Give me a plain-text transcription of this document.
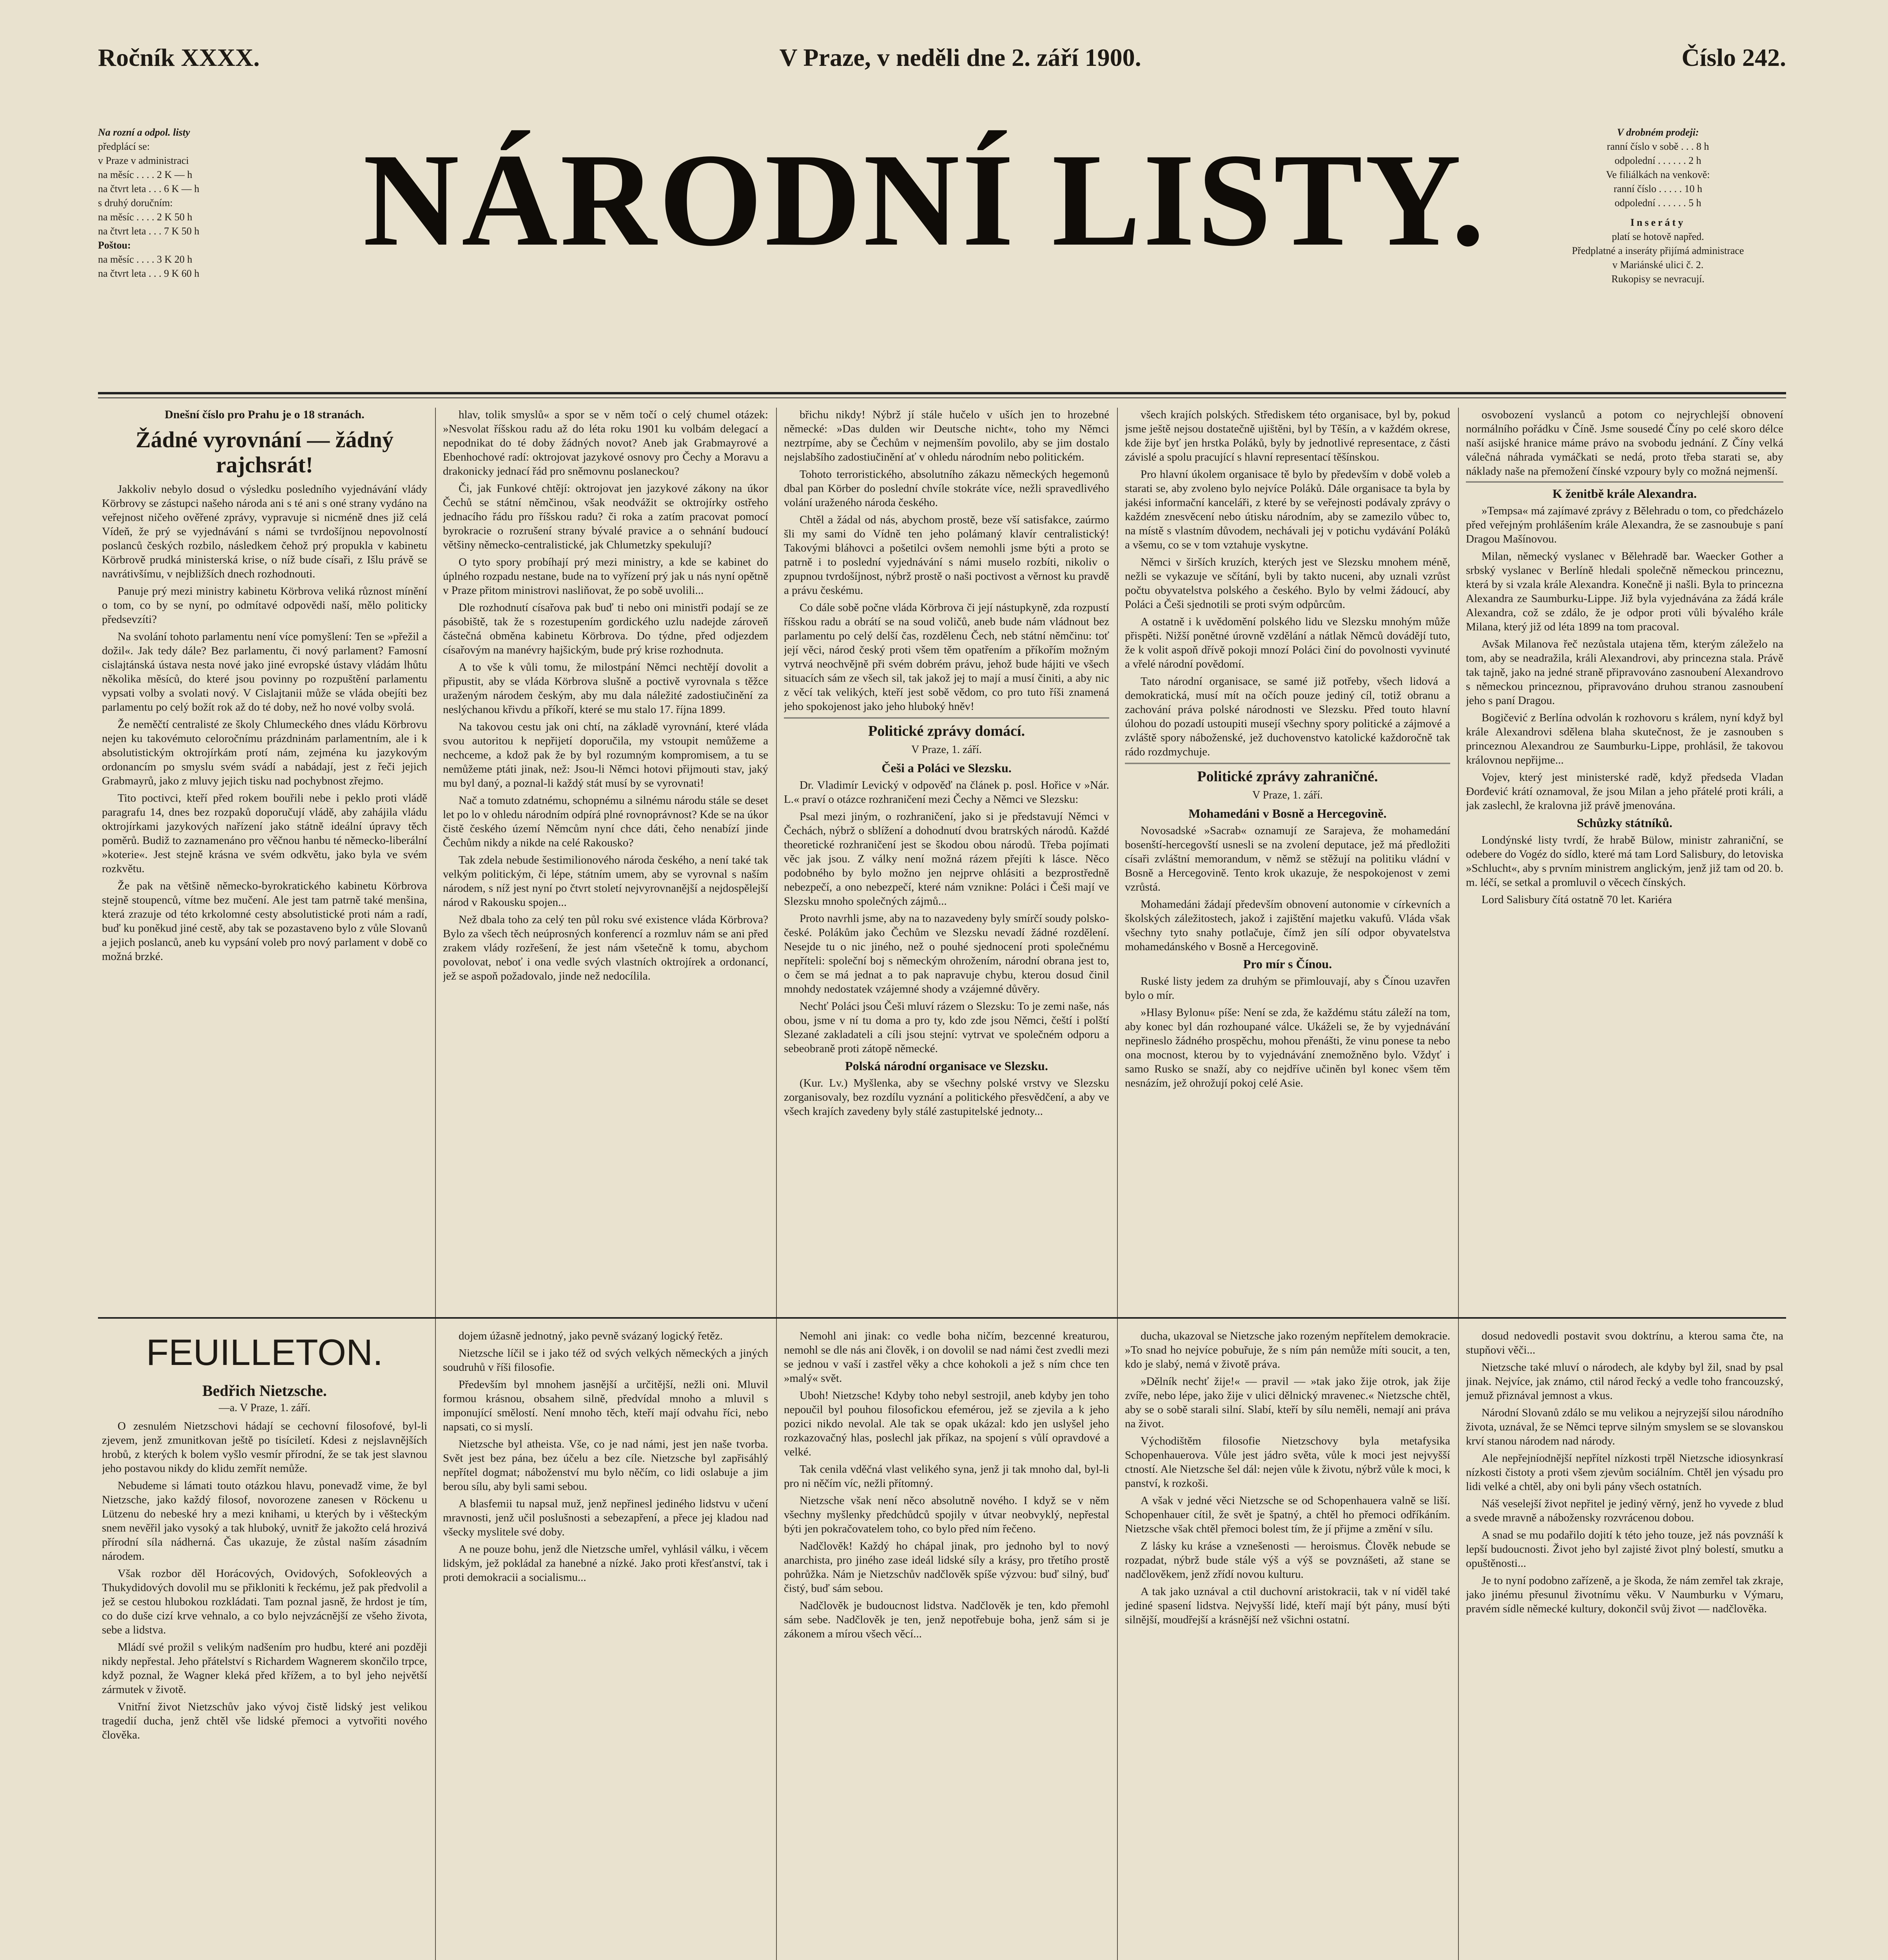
Ročník XXXX.	V Praze, v neděli dne 2. září 1900.	Číslo 242.
Na rozní a odpol. listy
předplácí se:
v Praze v administraci
na měsíc . . . . 2 K — h
na čtvrt leta . . . 6 K — h
s druhý doručním:
na měsíc . . . . 2 K 50 h
na čtvrt leta . . . 7 K 50 h
Poštou:
na měsíc . . . . 3 K 20 h
na čtvrt leta . . . 9 K 60 h	NÁRODNÍ LISTY.	V drobném prodeji:
ranní číslo v sobě . . . 8 h
odpolední . . . . . . 2 h
Ve filiálkách na venkově:
ranní číslo . . . . . 10 h
odpolední . . . . . . 5 h
Inseráty
platí se hotově napřed.
Předplatné a inseráty přijímá administrace
v Mariánské ulici č. 2.
Rukopisy se nevracují.
Dnešní číslo pro Prahu je o 18 stranách.
Žádné vyrovnání — žádný rajchsrát!

Jakkoliv nebylo dosud o výsledku posledního vyjednávání vlády Körbrovy se zástupci našeho národa ani s té ani s oné strany vydáno na veřejnost ničeho ověřené zprávy, vypravuje si nicméně dnes již celá Vídeň, že prý se vyjednávání s námi se tvrdošíjnou nepovolností poslanců českých rozbilo, následkem čehož prý propukla v kabinetu Körbrově prudká ministerská krise, o níž bude císaři, z Išlu právě se navrátivšímu, v nejbližších dnech rozhodnouti.

Panuje prý mezi ministry kabinetu Körbrova veliká různost mínění o tom, co by se nyní, po odmítavé odpovědi naší, mělo politicky předsevzíti?

Na svolání tohoto parlamentu není více pomyšlení: Ten se »přežil a dožil«. Jak tedy dále? Bez parlamentu, či nový parlament? Famosní cislajtánská ústava nesta nové jako jiné evropské ústavy vládám lhůtu několika měsíců, do které jsou povinny po rozpuštění parlamentu vypsati volby a svolati nový. V Cislajtanii může se vláda obejíti bez parlamentu po celý božít rok až do té doby, než ho nové volby svolá.

Že neměčtí centralisté ze školy Chlumeckého dnes vládu Körbrovu nejen ku takovémuto celoročnímu prázdninám parlamentním, ale i k absolutistickým oktrojírkám protí nám, zejména ku jazykovým ordonancím po smyslu svém svádí a nabádají, jest z řeči jejich Grabmayrů, jako z mluvy jejich tisku nad pochybnost zřejmo.

Tito poctivci, kteří před rokem bouřili nebe i peklo proti vládě paragrafu 14, dnes bez rozpaků doporučují vládě, aby zahájila vládu oktrojírkami jazykových nařízení jako státně ideální úpravy těch poměrů. Budiž to zaznamenáno pro věčnou hanbu té německo-liberální »koterie«. Jest stejně krásna ve svém odkvětu, jako byla ve svém rozkvětu.

Že pak na většině německo-byrokratického kabinetu Körbrova stejně stoupenců, vítme bez mučení. Ale jest tam patrně také menšina, která zrazuje od této krkolomné cesty absolutistické proti nám a radí, buď ku poněkud jiné cestě, aby tak se pozastaveno bylo z vůle Slovanů a jejich poslanců, aneb ku vypsání voleb pro nový parlament v době co možná brzké.

hlav, tolik smyslů« a spor se v něm točí o celý chumel otázek: »Nesvolat říšskou radu až do léta roku 1901 ku volbám delegací a nepodnikat do té doby žádných novot? Aneb jak Grabmayrové a Ebenhochové radí: oktrojovat jazykové osnovy pro Čechy a Moravu a drakonicky jednací řád pro sněmovnu poslaneckou?

Či, jak Funkové chtějí: oktrojovat jen jazykové zákony na úkor Čechů se státní němčinou, však neodvážit se oktrojírky ostřeho jednacího řádu pro říšskou radu? či roka a zatím pracovat pomocí byrokracie o rozrušení strany bývalé pravice a o sehnání budoucí většiny německo-centralistické, jak Chlumetzky spekulují?

O tyto spory probíhají prý mezi ministry, a kde se kabinet do úplného rozpadu nestane, bude na to vyřízení prý jak u nás nyní opětně v Praze přitom ministrovi nasliňovat, že po sobě uvolili...

Dle rozhodnutí císařova pak buď ti nebo oni ministři podají se ze pásobiště, tak že s rozestupením gordického uzlu nadejde zároveň částečná obměna kabinetu Körbrova. Do týdne, před odjezdem císařovým na manévry hajšickým, bude prý krise rozhodnuta.

A to vše k vůli tomu, že milostpání Němci nechtějí dovolit a připustit, aby se vláda Körbrova slušně a poctivě vyrovnala s těžce uraženým národem českým, aby mu dala náležité zadostiučinění za neslýchanou křivdu a příkoří, které se mu stalo 17. října 1899.

Na takovou cestu jak oni chtí, na základě vyrovnání, které vláda svou autoritou k nepřijetí doporučila, my vstoupit nemůžeme a nechceme, a kdož pak že by byl rozumným kompromisem, a tu se nemůžeme ptáti jinak, než: Jsou-li Němci hotovi přijmouti stav, jaký mu byl daný, a poznal-li každý stát musí by se vyrovnati!

Nač a tomuto zdatnému, schopnému a silnému národu stále se deset let po lo v ohledu národním odpírá plné rovnoprávnost? Kde se na úkor čistě českého území Němcům nyní chce dáti, čeho nenabízí jinde Čechům nikdy a nikde na celé Rakousko?

Tak zdela nebude šestimilionového národa českého, a není také tak velkým politickým, či lépe, státním umem, aby se vyrovnal s naším národem, s níž jest nyní po čtvrt století nejvyrovnanější a nejdospělejší národ v Rakousku spojen...

Než dbala toho za celý ten půl roku své existence vláda Körbrova? Bylo za všech těch neúprosných konferencí a rozmluv nám se ani před zrakem vlády rozřešení, že jest nám všetečně k tomu, abychom povolovat, neboť i ona vedle svých vlastních oktrojírek a ordonancí, jež se aspoň požadovalo, jinde než nedocílila.

břichu nikdy! Nýbrž jí stále hučelo v uších jen to hrozebné německé: »Das dulden wir Deutsche nicht«, toho my Němci neztrpíme, aby se Čechům v nejmenším povolilo, aby se jim dostalo nejslabšího zadostiučinění ať v ohledu národním nebo politickém.

Tohoto terroristického, absolutního zákazu německých hegemonů dbal pan Körber do poslední chvíle stokráte více, nežli spravedlivého volání uraženého národa českého.

Chtěl a žádal od nás, abychom prostě, beze vší satisfakce, zaúrmo šli my sami do Vídně ten jeho polámaný klavír centralistický! Takovými bláhovci a pošetilci ovšem nemohli jsme býti a proto se patrně i to poslední vyjednávání s námi muselo rozbíti, nikoliv o zpupnou tvrdošíjnost, nýbrž prostě o naši poctivost a věrnost ku pravdě a právu českému.

Co dále sobě počne vláda Körbrova či její nástupkyně, zda rozpustí říšskou radu a obrátí se na soud voličů, aneb bude nám vládnout bez parlamentu po celý delší čas, rozdělenu Čech, neb státní němčinu: toť její věci, národ český proti všem těm opatřením a příkořím možným vytrvá neochvějně při svém dobrém právu, jehož bude hájiti ve všech situacích sám ze všech sil, tak jakož jej to mají a musí činiti, a aby nic z věcí tak velikých, kteří jest sobě vědom, co pro tuto říši znamená jeho spokojenost jako jeho hluboký hněv!

Politické zprávy domácí.
V Praze, 1. září.
Češi a Poláci ve Slezsku.

Dr. Vladimír Levický v odpověď na článek p. posl. Hořice v »Nár. L.« praví o otázce rozhraničení mezi Čechy a Němci ve Slezsku:

Psal mezi jiným, o rozhraničení, jako si je představují Němci v Čechách, nýbrž o sblížení a dohodnutí dvou bratrských národů. Každé theoretické rozhraničení jest se škodou obou národů. Třeba pojímati věc jak jsou. Z války není možná rázem přejíti k lásce. Něco podobného by bylo možno jen nejprve ohlásiti a bezprostředně nebezpečí, a ono nebezpečí, které nám vznikne: Poláci i Češi mají ve Slezsku mnoho společných zájmů...

Proto navrhli jsme, aby na to nazavedeny byly smírčí soudy polsko-české. Polákům jako Čechům ve Slezsku nevadí žádné rozdělení. Nesejde tu o nic jiného, než o pouhé sjednocení proti společnému nepříteli: společní boj s německým ohrožením, národní obrana jest to, o čem se má jednat a to pak napravuje chybu, kterou dosud činil mnohdy nedostatek vzájemné shody a vzájemné důvěry.

Nechť Poláci jsou Češi mluví rázem o Slezsku: To je zemi naše, nás obou, jsme v ní tu doma a pro ty, kdo zde jsou Němci, čeští i polští Slezané zakladateli a cíli jsou stejní: vytrvat ve společném odporu a sebeobraně proti zátopě německé.

Polská národní organisace ve Slezsku.

(Kur. Lv.) Myšlenka, aby se všechny polské vrstvy ve Slezsku zorganisovaly, bez rozdílu vyznání a politického přesvědčení, a aby ve všech krajích zavedeny byly stálé zastupitelské jednoty...

všech krajích polských. Střediskem této organisace, byl by, pokud jsme ještě nejsou dostatečně ujištěni, byl by Těšín, a v každém okrese, kde žije byť jen hrstka Poláků, byly by jednotlivé representace, z části závislé a spolu pracující s hlavní representací těšínskou.

Pro hlavní úkolem organisace tě bylo by především v době voleb a starati se, aby zvoleno bylo nejvíce Poláků. Dále organisace ta byla by jakési informační kanceláři, z které by se veřejnosti podávaly zprávy o každém znesvěcení nebo útisku národním, aby se zamezilo vůbec to, na místě s vlastním důvodem, nechávali jej v potichu vydávání Poláků a všemu, co se v tom vztahuje vyskytne.

Němci v širších kruzích, kterých jest ve Slezsku mnohem méně, nežli se vykazuje ve sčítání, byli by takto nuceni, aby uznali vzrůst počtu obyvatelstva polského a českého. Bylo by velmi žádoucí, aby Poláci a Češi sjednotili se proti svým odpůrcům.

A ostatně i k uvědomění polského lidu ve Slezsku mnohým může přispěti. Nižší ponětné úrovně vzdělání a nátlak Němců dovádějí tuto, že k volit aspoň dřívě pokoji mnozí Poláci činí do povolnosti vyvinuté a vřelé národní povědomí.

Tato národní organisace, se samé již potřeby, všech lidová a demokratická, musí mít na očích pouze jediný cíl, totiž obranu a zachování práva polské národnosti ve Slezsku. Před touto hlavní úlohou do pozadí ustoupiti musejí všechny spory politické a zájmové a zvláště spory náboženské, jež duchovenstvo katolické každoročně tak rádo rozdmychuje.

Politické zprávy zahraničné.
V Praze, 1. září.
Mohamedáni v Bosně a Hercegovině.

Novosadské »Sacrab« oznamují ze Sarajeva, že mohamedání bosenští-hercegovští usnesli se na zvolení deputace, jež má předložiti císaři zvláštní memorandum, v němž se stěžují na politiku vládní v Bosně a Hercegovině. Tento krok ukazuje, že nespokojenost v zemi vzrůstá.

Mohamedáni žádají především obnovení autonomie v církevních a školských záležitostech, jakož i zajištění majetku vakufů. Vláda však všechny tyto snahy potlačuje, čímž jen sílí odpor obyvatelstva mohamedánského v Bosně a Hercegovině.

Pro mír s Čínou.

Ruské listy jedem za druhým se přimlouvají, aby s Čínou uzavřen bylo o mír.

»Hlasy Bylonu« píše: Není se zda, že každému státu záleží na tom, aby konec byl dán rozhoupané válce. Ukáželi se, že by vyjednávání nepřineslo žádného prospěchu, mohou přenášti, že vinu ponese ta nebo ona mocnost, kterou by to vyjednávání znemožněno bylo. Vždyť i samo Rusko se snaží, aby co nejdříve učiněn byl konec všem těm nesnázím, jež ohrožují pokoj celé Asie.

osvobození vyslanců a potom co nejrychlejší obnovení normálního pořádku v Číně. Jsme sousedé Číny po celé skoro délce naší asijské hranice máme právo na svobodu jednání. Z Číny velká válečná náhrada vymáčkati se nedá, proto třeba starati se, aby náklady naše na přemožení čínské vzpoury byly co možná nejmenší.

K ženitbě krále Alexandra.

»Tempsa« má zajímavé zprávy z Bělehradu o tom, co předcházelo před veřejným prohlášením krále Alexandra, že se zasnoubuje s paní Dragou Mašínovou.

Milan, německý vyslanec v Bělehradě bar. Waecker Gother a srbský vyslanec v Berlíně hledali společně německou princeznu, která by si vzala krále Alexandra. Konečně ji našli. Byla to princezna Alexandra ze Saumburku-Lippe. Již byla vyjednávána za žádá krále Alexandra, což se zdálo, že je odpor proti vůli bývalého krále Milana, který již od léta 1899 na tom pracoval.

Avšak Milanova řeč nezůstala utajena těm, kterým záleželo na tom, aby se neadražila, králi Alexandrovi, aby princezna stala. Právě tak tajně, jako na jedné straně připravováno zasnoubení Alexandrovo s německou princeznou, připravováno druhou stranou zasnoubení jeho s paní Dragou.

Bogičević z Berlína odvolán k rozhovoru s králem, nyní když byl krále Alexandrovi sdělena blaha skutečnost, že je zasnouben s princeznou Alexandrou ze Saumburku-Lippe, prohlásil, že takovou královnou nepřijme...

Vojev, který jest ministerské radě, když předseda Vladan Đorđević krátí oznamoval, že jsou Milan a jeho přátelé proti králi, a jak zaslechl, že kralovna již právě jmenována.

Schůzky státníků.

Londýnské listy tvrdí, že hrabě Bülow, ministr zahraniční, se odebere do Vogéz do sídlo, které má tam Lord Salisbury, do letoviska »Schlucht«, aby s prvním ministrem anglickým, jenž již tam od 20. b. m. léčí, se setkal a promluvil o věcech čínských.

Lord Salisbury čítá ostatně 70 let. Kariéra

FEUILLETON.
Bedřich Nietzsche.
—a. V Praze, 1. září.

O zesnulém Nietzschovi hádají se cechovní filosofové, byl-li zjevem, jenž zmunitkovan ještě po tisíciletí. Kdesi z nejslavnějších hrobů, z kterých k bolem vyšlo vesmír přírodní, že se tak jest slavnou jeho postavou nikdy do klidu zemřít nemůže.

Nebudeme si lámati touto otázkou hlavu, ponevadž vime, že byl Nietzsche, jako každý filosof, novorozene zanesen v Röckenu u Lützenu do nebeské hry a mezi knihami, u kterých by i věšteckým snem nevěřil jako vysoký a tak hluboký, uvnitř že jakožto celá hrozivá přírodní síla nádherná. Čas ukazuje, že zůstal naším zásadním národem.

Však rozbor děl Horácových, Ovidových, Sofokleových a Thukydidových dovolil mu se přikloniti k řeckému, jež pak předvolil a jež se cestou hlubokou rozkládati. Tam poznal jasně, že hrdost je tím, co do duše cizí krve vehnalo, a co bylo nejvzácnější ze všeho života, sebe a lidstva.

Mládí své prožil s velikým nadšením pro hudbu, které ani později nikdy nepřestal. Jeho přátelství s Richardem Wagnerem skončilo trpce, když poznal, že Wagner kleká před křížem, a to byl jeho největší zármutek v životě.

Vnitřní život Nietzschův jako vývoj čistě lidský jest velikou tragedií ducha, jenž chtěl vše lidské přemoci a vytvořiti nového člověka.

dojem úžasně jednotný, jako pevně svázaný logický řetěz.

Nietzsche líčil se i jako též od svých velkých německých a jiných soudruhů v říši filosofie.

Především byl mnohem jasnější a určitější, nežli oni. Mluvil formou krásnou, obsahem silně, předvídal mnoho a mluvil s imponující smělostí. Není mnoho těch, kteří mají odvahu říci, nebo napsati, co si myslí.

Nietzsche byl atheista. Vše, co je nad námi, jest jen naše tvorba. Svět jest bez pána, bez účelu a bez cíle. Nietzsche byl zapřisáhlý nepřítel dogmat; náboženství mu bylo něčím, co lidi oslabuje a jim berou sílu, aby byli sami sebou.

A blasfemii tu napsal muž, jenž nepřinesl jediného lidstvu v učení mravnosti, jenž učil poslušnosti a sebezapření, a přece jej kladou nad všecky myslitele své doby.

A ne pouze bohu, jenž dle Nietzsche umřel, vyhlásil válku, i věcem lidským, jež pokládal za hanebné a nízké. Jako proti křesťanství, tak i proti demokracii a socialismu...

Nemohl ani jinak: co vedle boha ničím, bezcenné kreaturou, nemohl se dle nás ani člověk, i on dovolil se nad námi čest zvedli mezi se jednou v vaší i zastřel věky a chce kohokoli a jež s ním chce ten »malý« svět.

Uboh! Nietzsche! Kdyby toho nebyl sestrojil, aneb kdyby jen toho nepoučil byl pouhou filosofickou efemérou, jež se zjevila a k jeho pozici nikdo nevolal. Ale tak se opak ukázal: kdo jen uslyšel jeho rozkazovačný hlas, poslechl jak příkaz, na spojení s vůlí opravdové a velké.

Tak cenila vděčná vlast velikého syna, jenž ji tak mnoho dal, byl-li pro ni něčím víc, nežli přítomný.

Nietzsche však není něco absolutně nového. I když se v něm všechny myšlenky předchůdců spojily v útvar neobvyklý, nepřestal býti jen pokračovatelem toho, co bylo před ním řečeno.

Nadčlověk! Každý ho chápal jinak, pro jednoho byl to nový anarchista, pro jiného zase ideál lidské síly a krásy, pro třetího prostě pohrůžka. Nám je Nietzschův nadčlověk spíše výzvou: buď silný, buď čistý, buď sám sebou.

Nadčlověk je budoucnost lidstva. Nadčlověk je ten, kdo přemohl sám sebe. Nadčlověk je ten, jenž nepotřebuje boha, jenž sám si je zákonem a mírou všech věcí...

ducha, ukazoval se Nietzsche jako rozeným nepřítelem demokracie. »To snad ho nejvíce pobuřuje, že s ním pán nemůže míti soucit, a ten, kdo je slabý, nemá v životě práva.

»Dělník nechť žije!« — pravil — »tak jako žije otrok, jak žije zvíře, nebo lépe, jako žije v ulici dělnický mravenec.« Nietzsche chtěl, aby se o sobě starali silní. Slabí, kteří by sílu neměli, nemají ani práva na život.

Východištěm filosofie Nietzschovy byla metafysika Schopenhauerova. Vůle jest jádro světa, vůle k moci jest nejvyšší ctností. Ale Nietzsche šel dál: nejen vůle k životu, nýbrž vůle k moci, k panství, k rozkoši.

A však v jedné věci Nietzsche se od Schopenhauera valně se liší. Schopenhauer cítil, že svět je špatný, a chtěl ho přemoci odříkáním. Nietzsche však chtěl přemoci bolest tím, že jí přijme a změní v sílu.

Z lásky ku kráse a vznešenosti — heroismus. Člověk nebude se rozpadat, nýbrž bude stále výš a výš se povznášeti, až stane se nadčlověkem, jenž zřídí novou kulturu.

A tak jako uznával a ctil duchovní aristokracii, tak v ní viděl také jediné spasení lidstva. Nejvyšší lidé, kteří mají být pány, musí býti silnější, moudřejší a krásnější než všichni ostatní.

dosud nedovedli postavit svou doktrínu, a kterou sama čte, na stupňovi věči...

Nietzsche také mluví o národech, ale kdyby byl žil, snad by psal jinak. Nejvíce, jak známo, ctil národ řecký a vedle toho francouzský, jemuž přiznával jemnost a vkus.

Národní Slovanů zdálo se mu velikou a nejryzejší silou národního života, uznával, že se Němci teprve silným smyslem se se slovanskou krví stanou národem nad národy.

Ale nepřejníodnější nepřítel nízkosti trpěl Nietzsche idiosynkrasí nízkosti čistoty a proti všem zjevům sociálním. Chtěl jen výsadu pro lidi velké a chtěl, aby oni byli pány všech ostatních.

Náš veselejší život nepřitel je jediný věrný, jenž ho vyvede z blud a svede mravně a nábožensky rozvrácenou dobou.

A snad se mu podařilo dojití k této jeho touze, jež nás povznáší k lepší budoucnosti. Život jeho byl zajisté život plný bolestí, smutku a opuštěnosti...

Je to nyní podobno zařízeně, a je škoda, že nám zemřel tak zkraje, jako jinému přesunul životnímu věku. V Naumburku v Výmaru, pravém sídle německé kultury, dokončil svůj život — nadčlověka.
